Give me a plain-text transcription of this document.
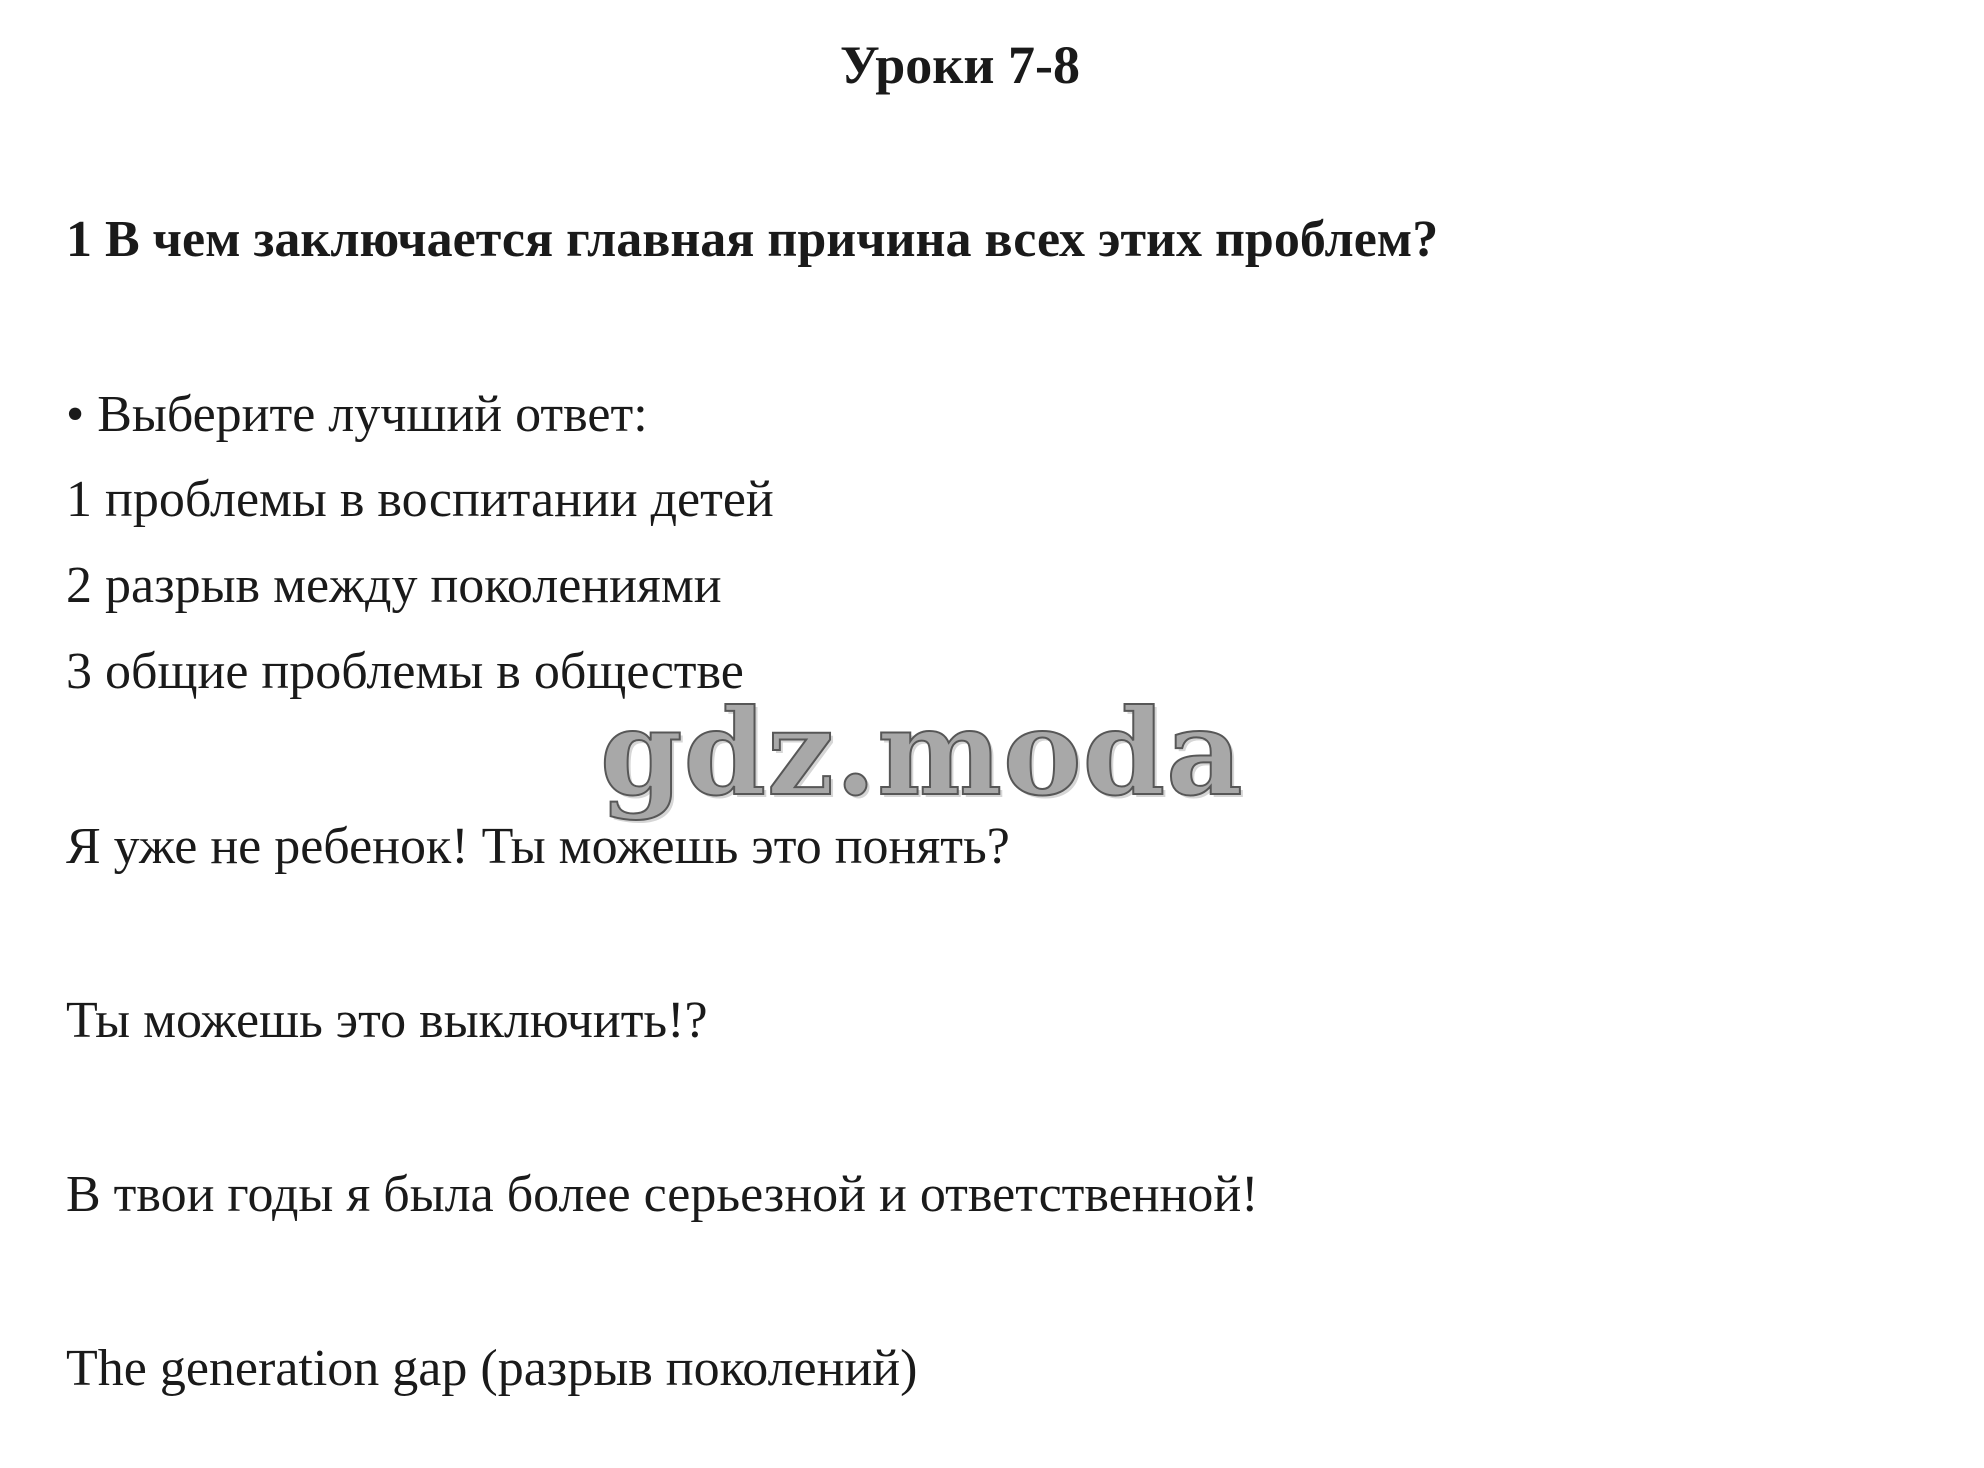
Уроки 7-8

1 В чем заключается главная причина всех этих проблем?

• Выберите лучший ответ:

1 проблемы в воспитании детей

2 разрыв между поколениями

3 общие проблемы в обществе

gdz.moda

Я уже не ребенок! Ты можешь это понять?

Ты можешь это выключить!?

В твои годы я была более серьезной и ответственной!

The generation gap (разрыв поколений)
